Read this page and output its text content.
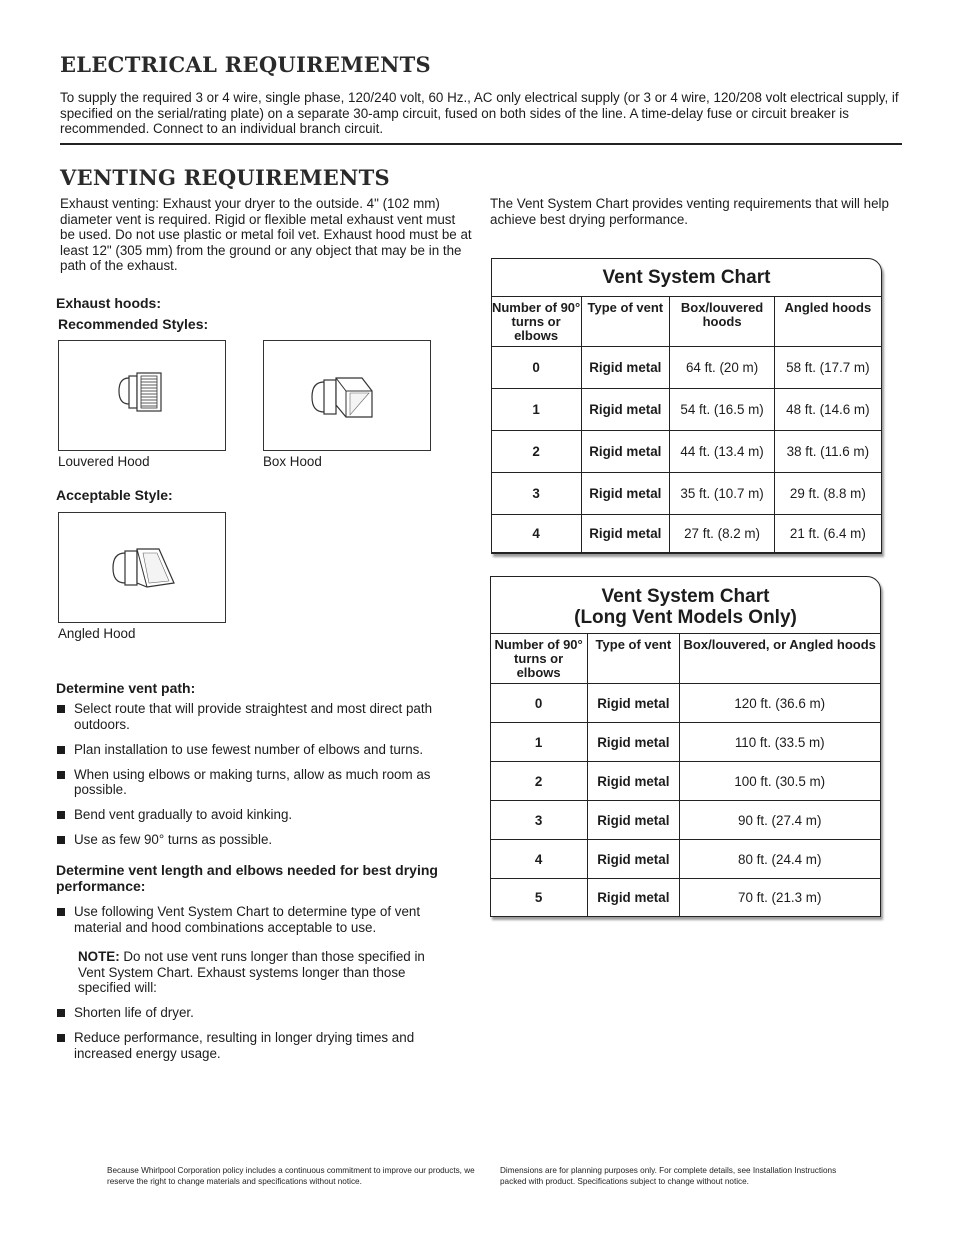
ELECTRICAL REQUIREMENTS
To supply the required 3 or 4 wire, single phase, 120/240 volt, 60 Hz., AC only electrical supply (or 3 or 4 wire, 120/208 volt electrical supply, if specified on the serial/rating plate) on a separate 30-amp circuit, fused on both sides of the line. A time-delay fuse or circuit breaker is recommended. Connect to an individual branch circuit.
VENTING REQUIREMENTS
Exhaust venting: Exhaust your dryer to the outside. 4" (102 mm) diameter vent is required. Rigid or flexible metal exhaust vent must be used. Do not use plastic or metal foil vet. Exhaust hood must be at least 12" (305 mm) from the ground or any object that may be in the path of the exhaust.
The Vent System Chart provides venting requirements that will help achieve best drying performance.
Exhaust hoods:
Recommended Styles:
Louvered Hood	Box Hood
Acceptable Style:
Angled Hood
Determine vent path:
Select route that will provide straightest and most direct path outdoors.
Plan installation to use fewest number of elbows and turns.
When using elbows or making turns, allow as much room as possible.
Bend vent gradually to avoid kinking.
Use as few 90° turns as possible.
Determine vent length and elbows needed for best drying performance:
Use following Vent System Chart to determine type of vent material and hood combinations acceptable to use.

NOTE: Do not use vent runs longer than those specified in Vent System Chart. Exhaust systems longer than those specified will:

Shorten life of dryer.
Reduce performance, resulting in longer drying times and increased energy usage.
Vent System Chart
Number of 90° turns or elbows	Type of vent	Box/louvered hoods	Angled hoods
0	Rigid metal	64 ft. (20 m)	58 ft. (17.7 m)
1	Rigid metal	54 ft. (16.5 m)	48 ft. (14.6 m)
2	Rigid metal	44 ft. (13.4 m)	38 ft. (11.6 m)
3	Rigid metal	35 ft. (10.7 m)	29 ft. (8.8 m)
4	Rigid metal	27 ft. (8.2 m)	21 ft. (6.4 m)
Vent System Chart
(Long Vent Models Only)
Number of 90° turns or elbows	Type of vent	Box/louvered, or Angled hoods
0	Rigid metal	120 ft. (36.6 m)
1	Rigid metal	110 ft. (33.5 m)
2	Rigid metal	100 ft. (30.5 m)
3	Rigid metal	90 ft. (27.4 m)
4	Rigid metal	80 ft. (24.4 m)
5	Rigid metal	70 ft. (21.3 m)
Because Whirlpool Corporation policy includes a continuous commitment to improve our products, we reserve the right to change materials and specifications without notice.
Dimensions are for planning purposes only. For complete details, see Installation Instructions packed with product. Specifications subject to change without notice.
